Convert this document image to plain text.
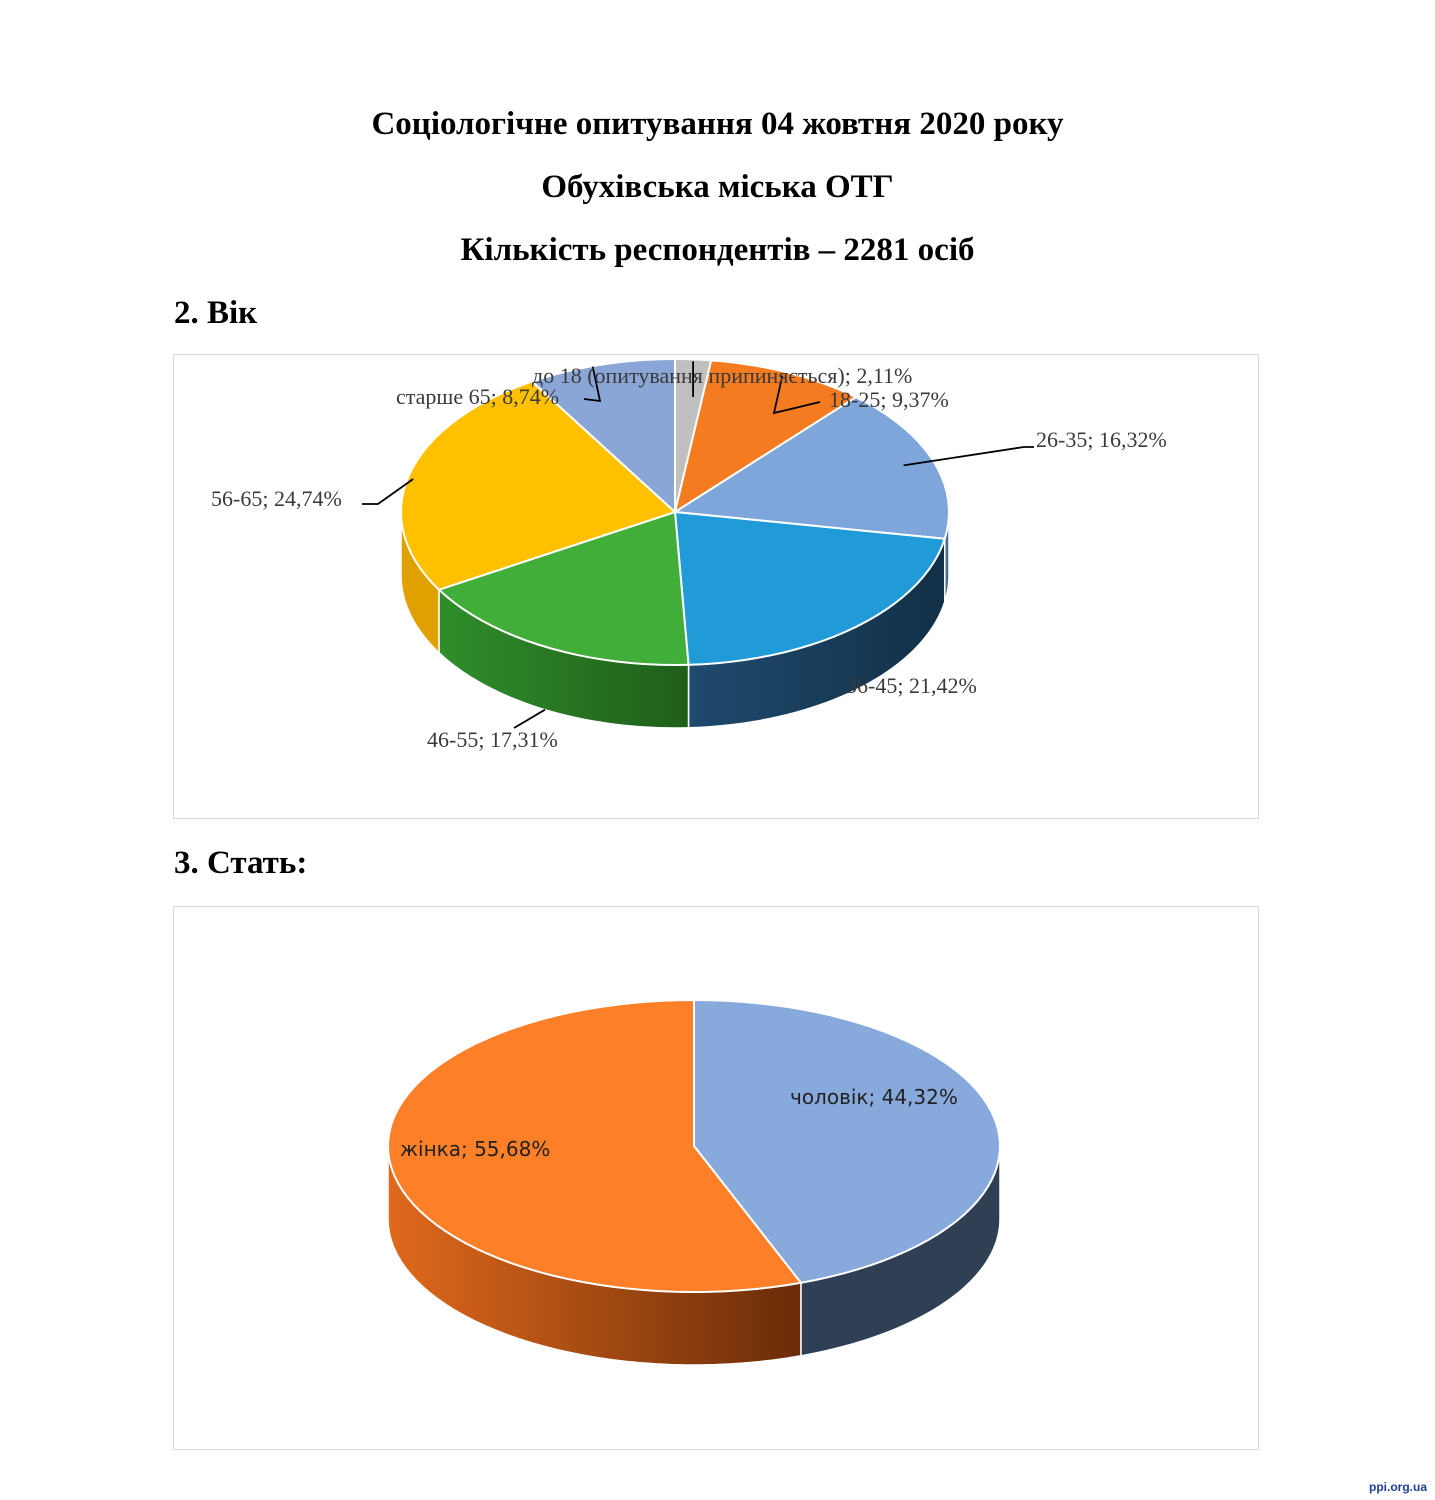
Соціологічне опитування 04 жовтня 2020 року
Обухівська міська ОТГ
Кількість респондентів – 2281 осіб
2. Вік
до 18 (опитування припиняється); 2,11%
18-25; 9,37%
26-35; 16,32%
36-45; 21,42%
46-55; 17,31%
56-65; 24,74%
старше 65; 8,74%
3. Стать:
чоловік; 44,32%
жінка; 55,68%
ppi.org.ua
